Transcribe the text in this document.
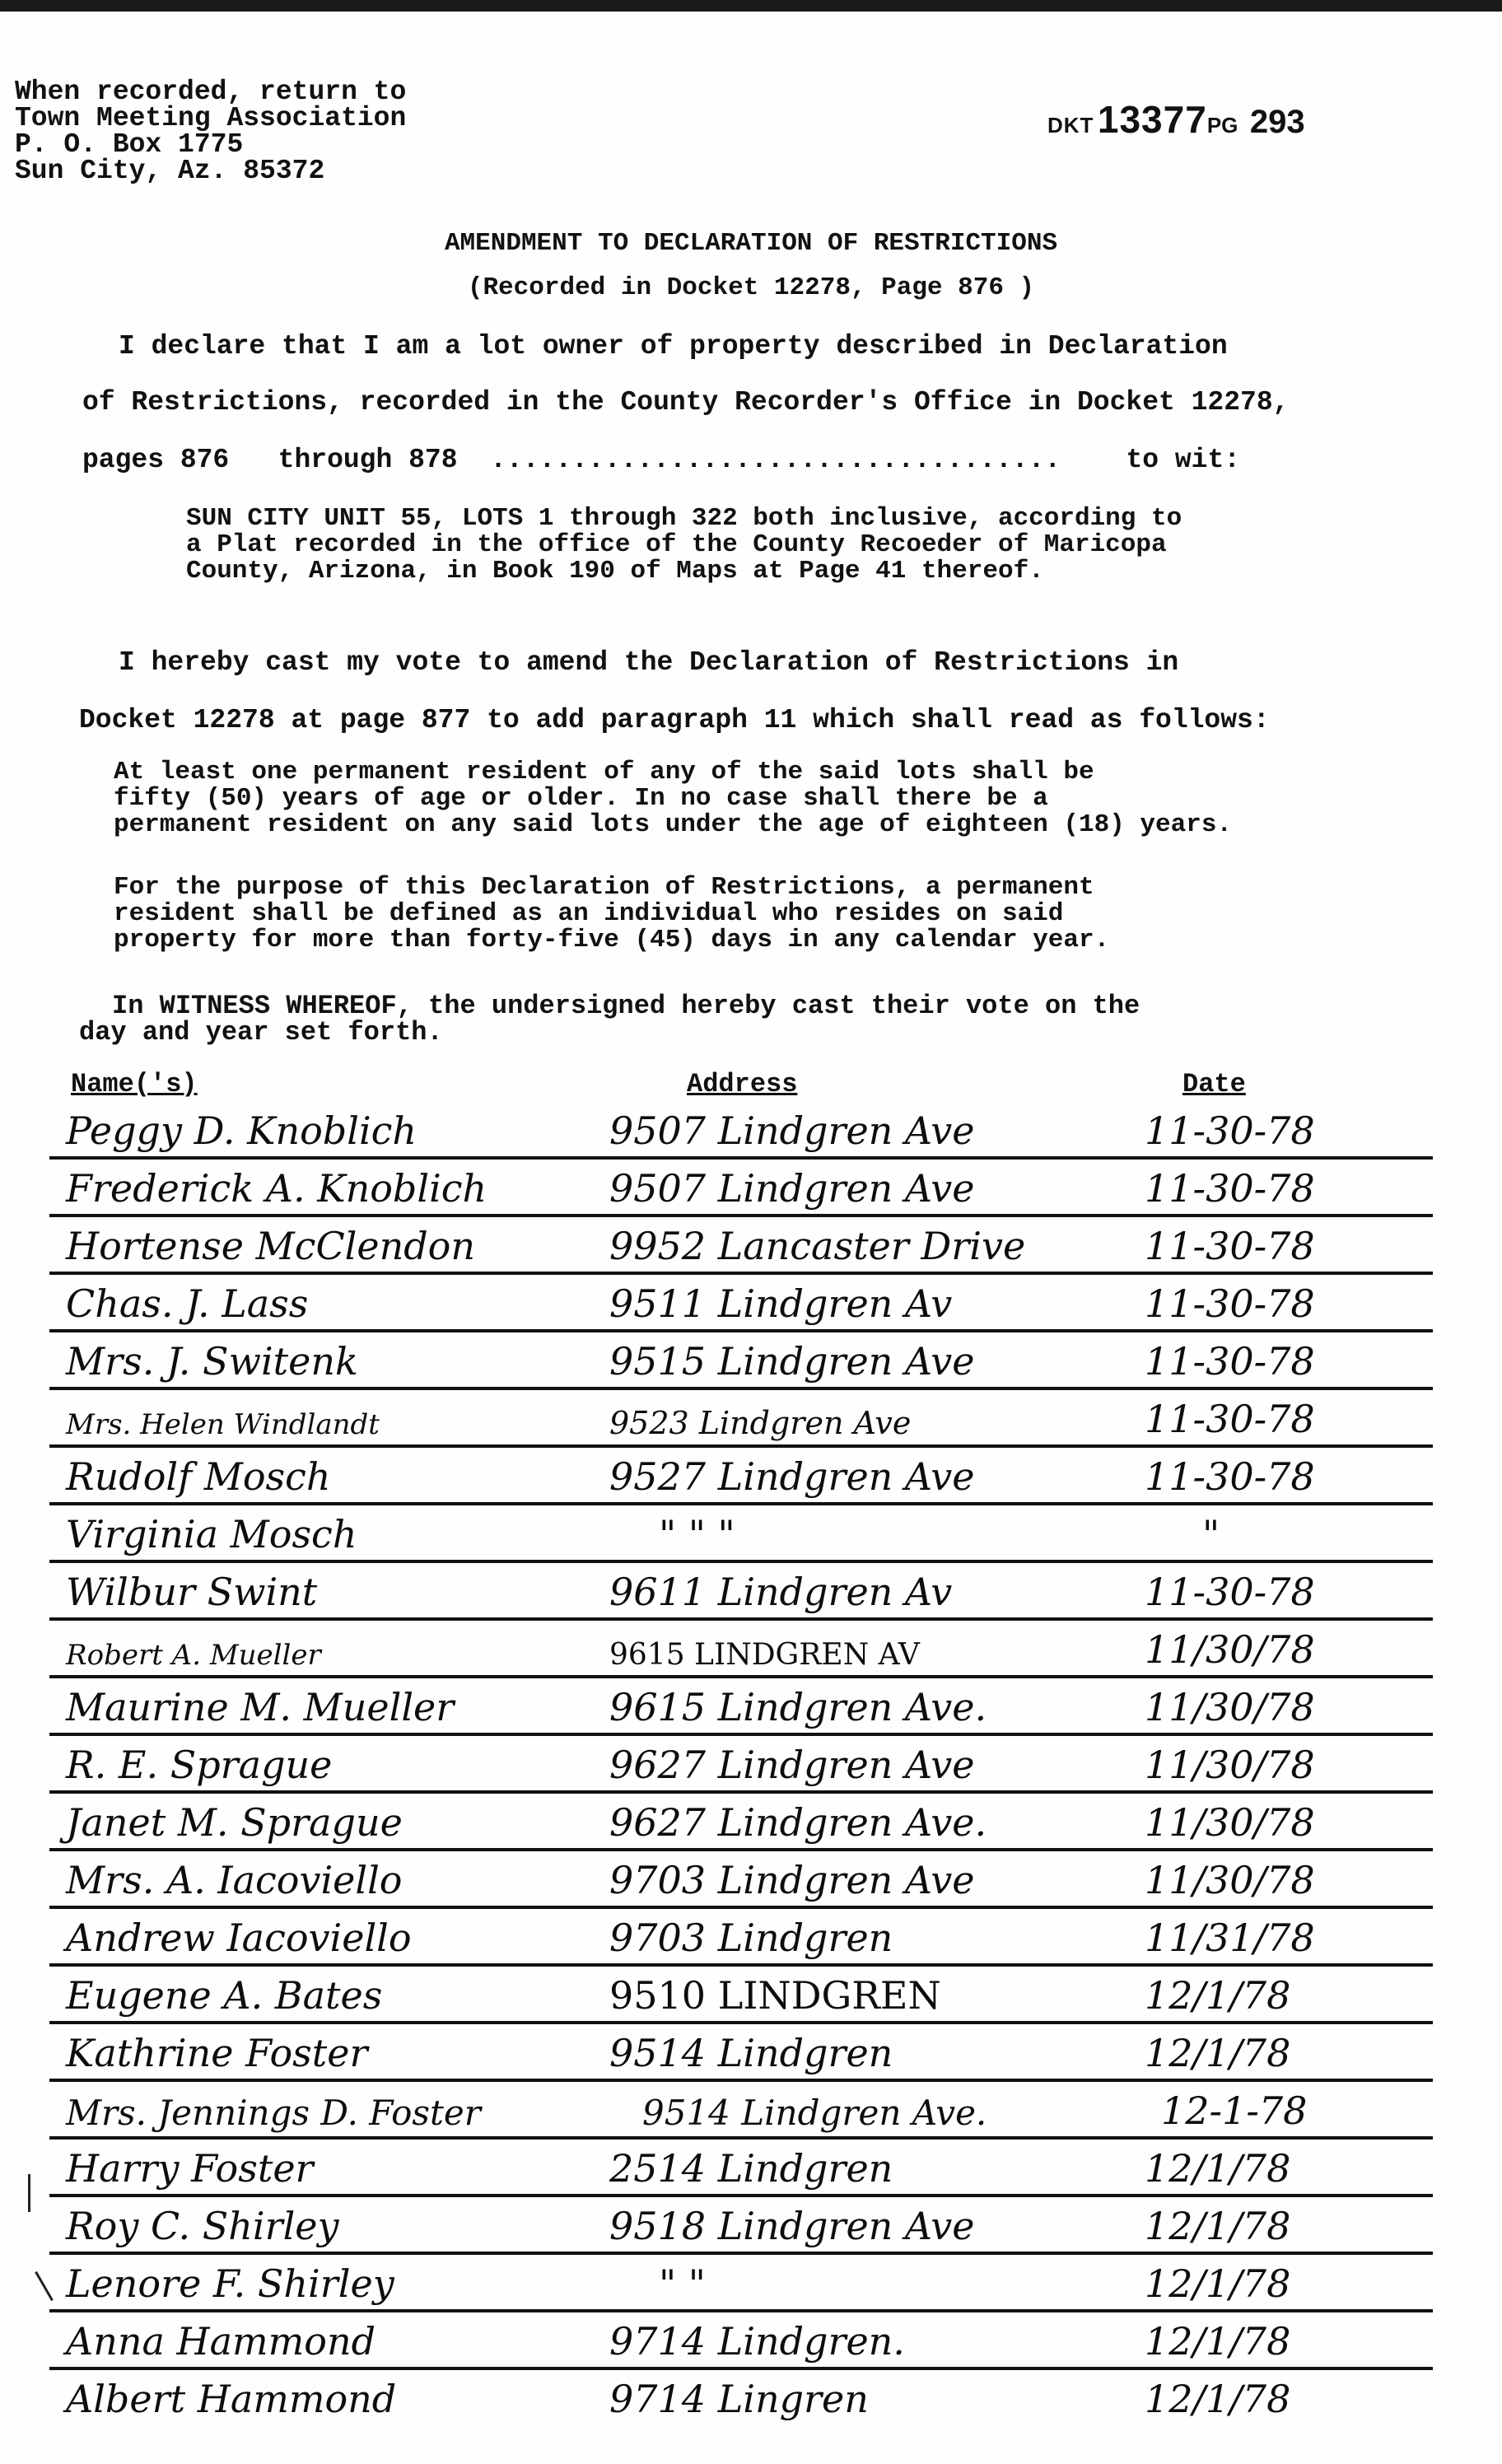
When recorded, return to
Town Meeting Association
P. O. Box 1775
Sun City, Az. 85372
DKT 13377PG 293
AMENDMENT TO DECLARATION OF RESTRICTIONS
(Recorded in Docket 12278, Page 876 )
I declare that I am a lot owner of property described in Declaration
of Restrictions, recorded in the County Recorder's Office in Docket 12278,
pages 876 through 878 ................................... to wit:
SUN CITY UNIT 55, LOTS 1 through 322 both inclusive, according to
a Plat recorded in the office of the County Recoeder of Maricopa
County, Arizona, in Book 190 of Maps at Page 41 thereof.
I hereby cast my vote to amend the Declaration of Restrictions in
Docket 12278 at page 877 to add paragraph 11 which shall read as follows:
At least one permanent resident of any of the said lots shall be
fifty (50) years of age or older. In no case shall there be a
permanent resident on any said lots under the age of eighteen (18) years.
For the purpose of this Declaration of Restrictions, a permanent
resident shall be defined as an individual who resides on said
property for more than forty-five (45) days in any calendar year.
In WITNESS WHEREOF, the undersigned hereby cast their vote on the
day and year set forth.
Name('s)	Address	Date
Peggy D. Knoblich	9507 Lindgren Ave	11-30-78
Frederick A. Knoblich	9507 Lindgren Ave	11-30-78
Hortense McClendon	9952 Lancaster Drive	11-30-78
Chas. J. Lass	9511 Lindgren Av	11-30-78
Mrs. J. Switenk	9515 Lindgren Ave	11-30-78
Mrs. Helen Windlandt	9523 Lindgren Ave	11-30-78
Rudolf Mosch	9527 Lindgren Ave	11-30-78
Virginia Mosch	" " "	"
Wilbur Swint	9611 Lindgren Av	11-30-78
Robert A. Mueller	9615 LINDGREN AV	11/30/78
Maurine M. Mueller	9615 Lindgren Ave.	11/30/78
R. E. Sprague	9627 Lindgren Ave	11/30/78
Janet M. Sprague	9627 Lindgren Ave.	11/30/78
Mrs. A. Iacoviello	9703 Lindgren Ave	11/30/78
Andrew Iacoviello	9703 Lindgren	11/31/78
Eugene A. Bates	9510 LINDGREN	12/1/78
Kathrine Foster	9514 Lindgren	12/1/78
Mrs. Jennings D. Foster	9514 Lindgren Ave.	12-1-78
Harry Foster	2514 Lindgren	12/1/78
Roy C. Shirley	9518 Lindgren Ave	12/1/78
Lenore F. Shirley	" "	12/1/78
Anna Hammond	9714 Lindgren.	12/1/78
Albert Hammond	9714 Lingren	12/1/78
